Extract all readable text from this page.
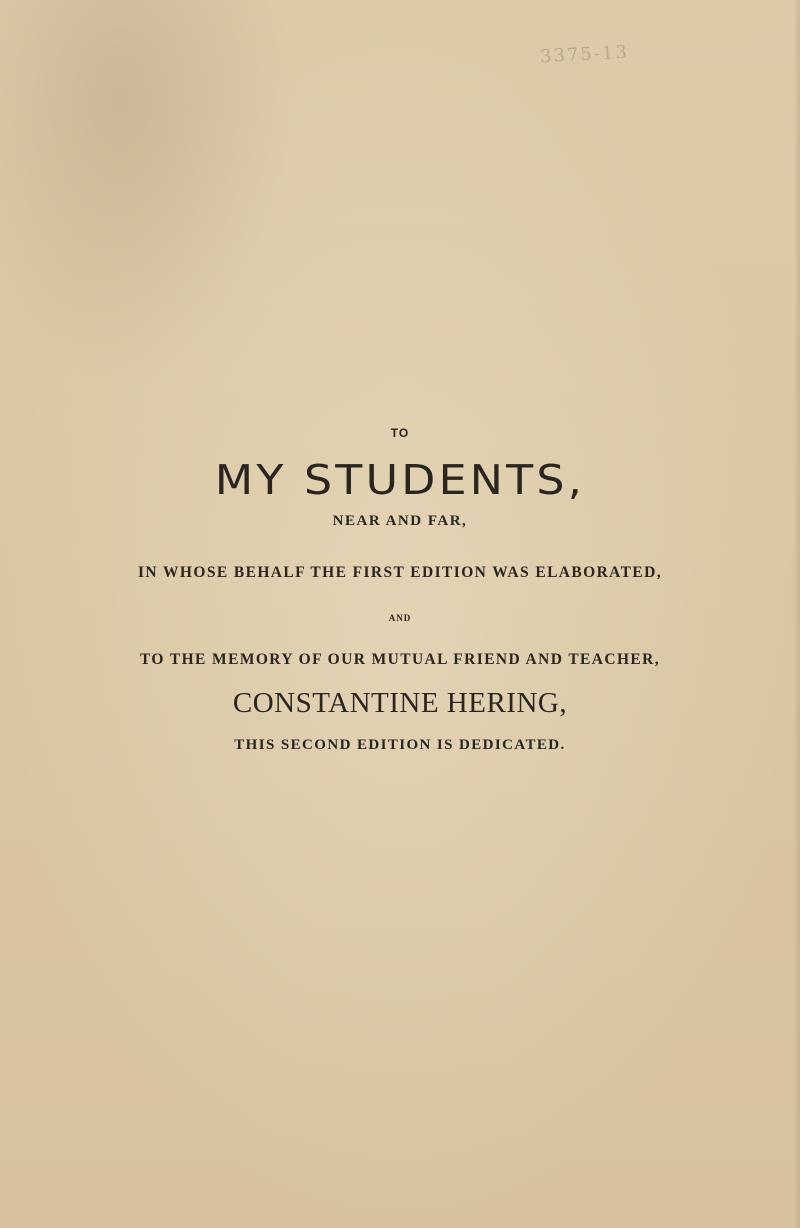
3375-13
TO
MY STUDENTS,
NEAR AND FAR,
IN WHOSE BEHALF THE FIRST EDITION WAS ELABORATED,
AND
TO THE MEMORY OF OUR MUTUAL FRIEND AND TEACHER,
CONSTANTINE HERING,
THIS SECOND EDITION IS DEDICATED.
